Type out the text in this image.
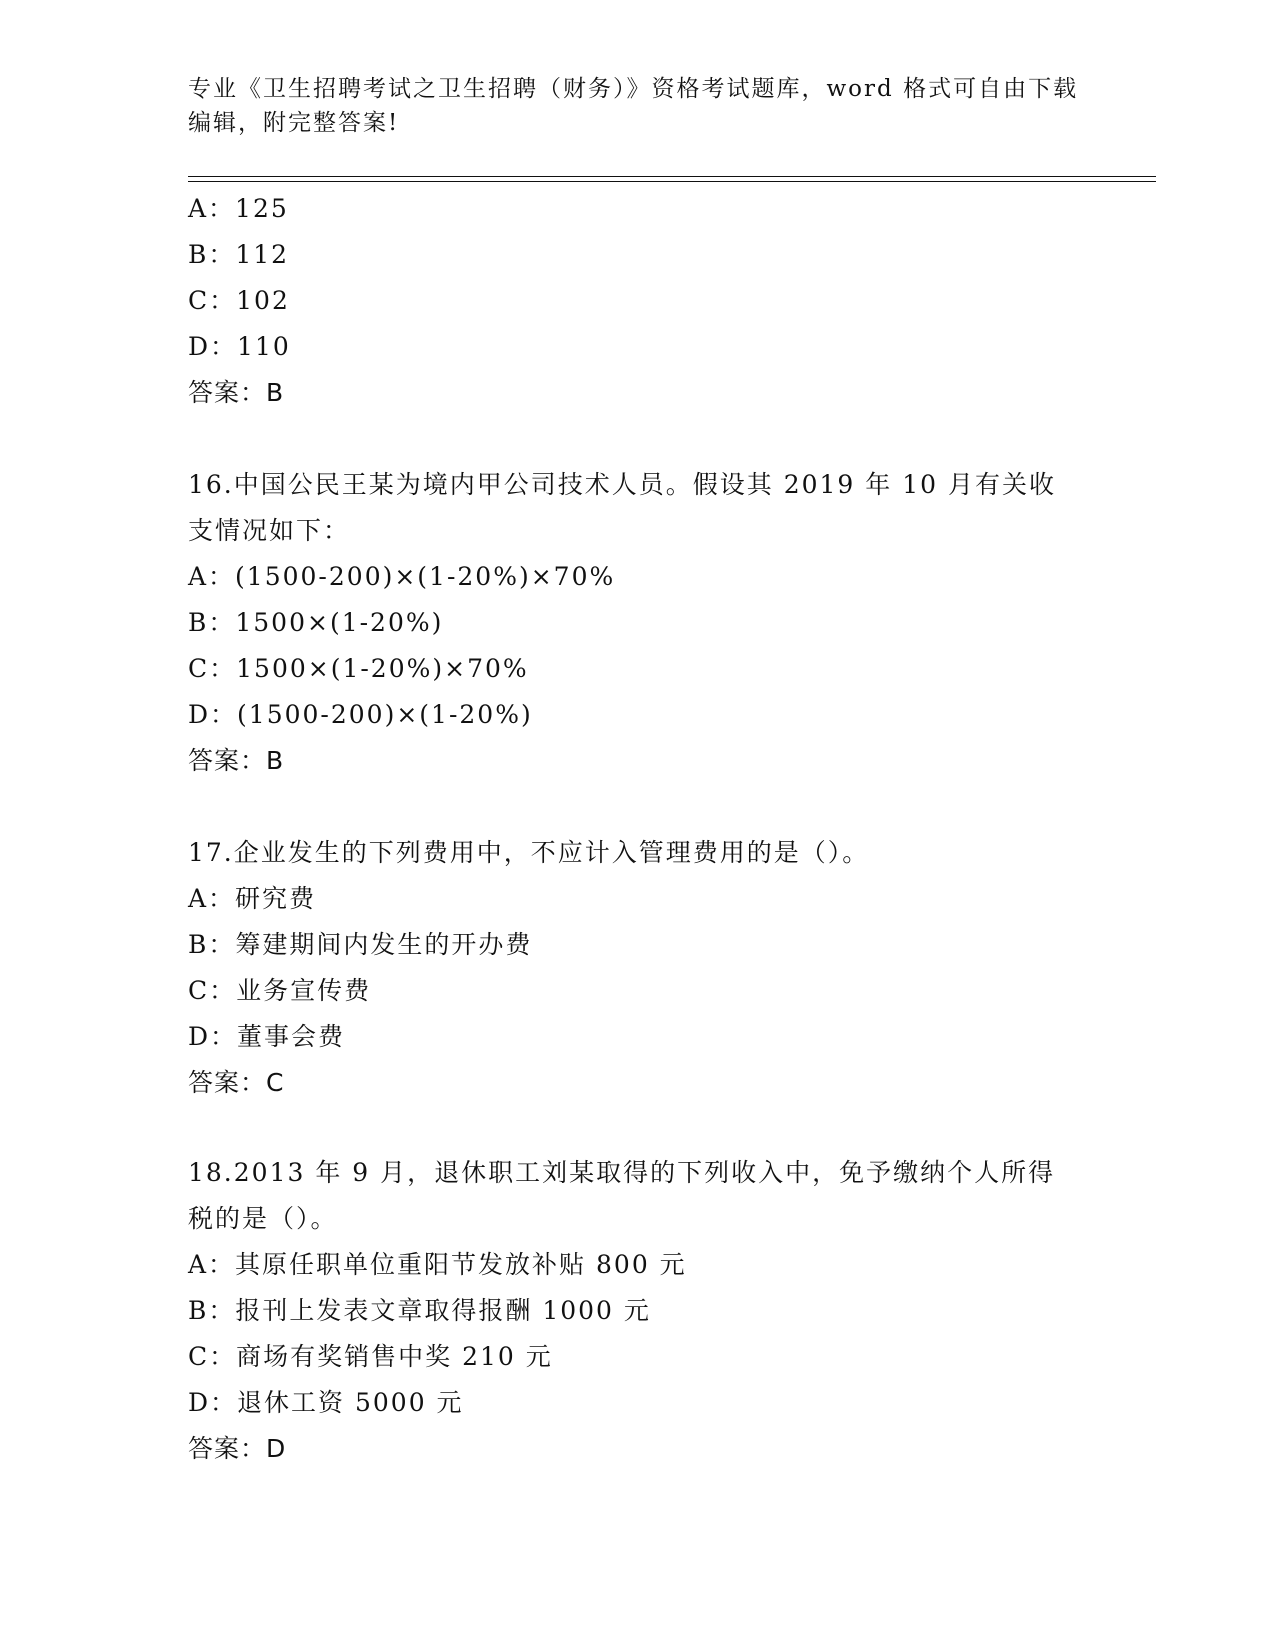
专业《卫生招聘考试之卫生招聘（财务）》资格考试题库，word 格式可自由下载
编辑，附完整答案!
A：125
B：112
C：102
D：110
答案：B
16.中国公民王某为境内甲公司技术人员。假设其 2019 年 10 月有关收
支情况如下：
A：(1500-200)×(1-20%)×70%
B：1500×(1-20%)
C：1500×(1-20%)×70%
D：(1500-200)×(1-20%)
答案：B
17.企业发生的下列费用中，不应计入管理费用的是（）。
A：研究费
B：筹建期间内发生的开办费
C：业务宣传费
D：董事会费
答案：C
18.2013 年 9 月，退休职工刘某取得的下列收入中，免予缴纳个人所得
税的是（）。
A：其原任职单位重阳节发放补贴 800 元
B：报刊上发表文章取得报酬 1000 元
C：商场有奖销售中奖 210 元
D：退休工资 5000 元
答案：D
